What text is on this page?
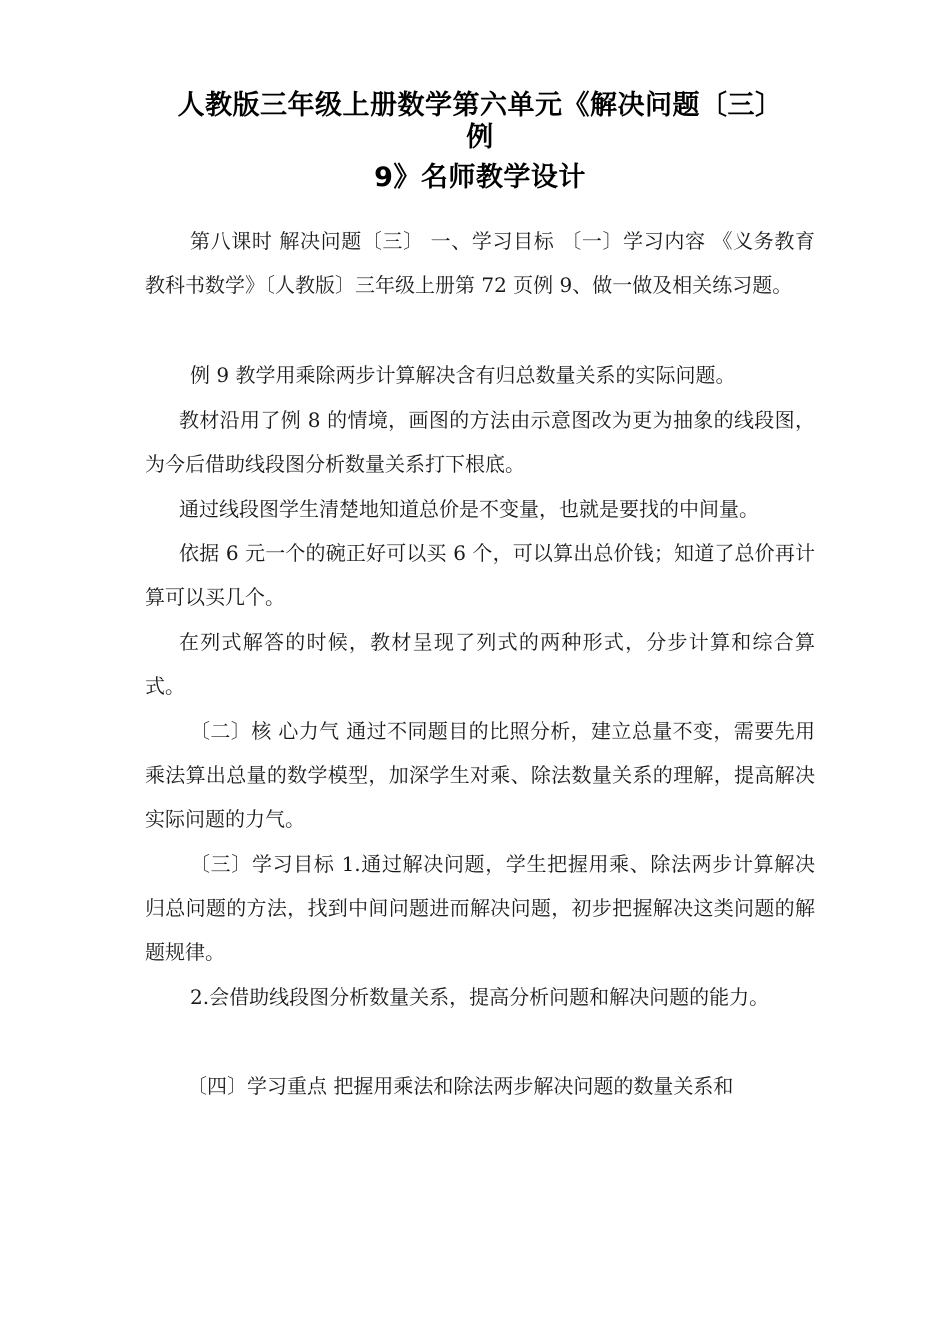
人教版三年级上册数学第六单元《解决问题〔三〕
例
9》名师教学设计

第八课时 解决问题〔三〕 一、学习目标 〔一〕学习内容 《义务教育教科书数学》〔人教版〕三年级上册第 72 页例 9、做一做及相关练习题。

例 9 教学用乘除两步计算解决含有归总数量关系的实际问题。

教材沿用了例 8 的情境，画图的方法由示意图改为更为抽象的线段图，为今后借助线段图分析数量关系打下根底。

通过线段图学生清楚地知道总价是不变量，也就是要找的中间量。

依据 6 元一个的碗正好可以买 6 个，可以算出总价钱；知道了总价再计算可以买几个。

在列式解答的时候，教材呈现了列式的两种形式，分步计算和综合算式。

〔二〕核 心力气 通过不同题目的比照分析，建立总量不变，需要先用乘法算出总量的数学模型，加深学生对乘、除法数量关系的理解，提高解决实际问题的力气。

〔三〕学习目标 1.通过解决问题，学生把握用乘、除法两步计算解决归总问题的方法，找到中间问题进而解决问题，初步把握解决这类问题的解题规律。

2.会借助线段图分析数量关系，提高分析问题和解决问题的能力。

〔四〕学习重点 把握用乘法和除法两步解决问题的数量关系和
